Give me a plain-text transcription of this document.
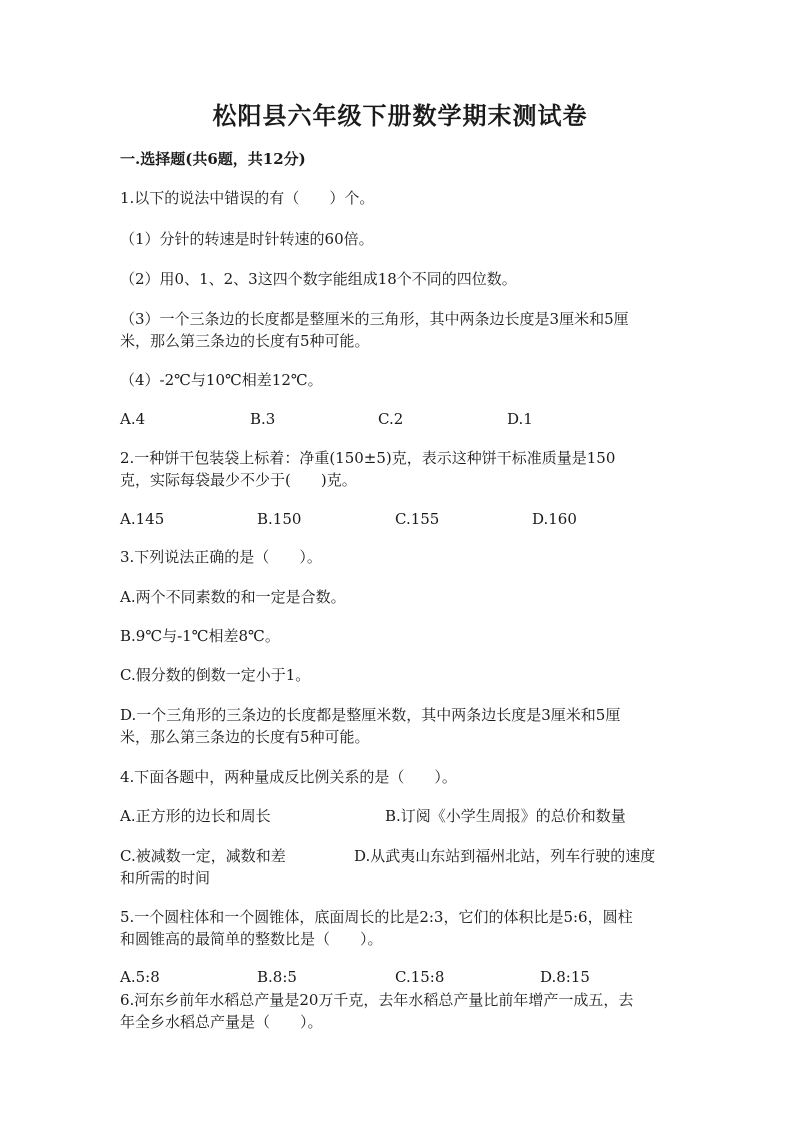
松阳县六年级下册数学期末测试卷
一.选择题(共6题，共12分)
1.以下的说法中错误的有（　　）个。
（1）分针的转速是时针转速的60倍。
（2）用0、1、2、3这四个数字能组成18个不同的四位数。
（3）一个三条边的长度都是整厘米的三角形，其中两条边长度是3厘米和5厘
米，那么第三条边的长度有5种可能。
（4）-2℃与10℃相差12℃。
A.4	B.3	C.2	D.1
2.一种饼干包装袋上标着：净重(150±5)克，表示这种饼干标准质量是150
克，实际每袋最少不少于(　　)克。
A.145	B.150	C.155	D.160
3.下列说法正确的是（　　）。
A.两个不同素数的和一定是合数。
B.9℃与-1℃相差8℃。
C.假分数的倒数一定小于1。
D.一个三角形的三条边的长度都是整厘米数，其中两条边长度是3厘米和5厘
米，那么第三条边的长度有5种可能。
4.下面各题中，两种量成反比例关系的是（　　）。
A.正方形的边长和周长	B.订阅《小学生周报》的总价和数量
C.被减数一定，减数和差	D.从武夷山东站到福州北站，列车行驶的速度
和所需的时间
5.一个圆柱体和一个圆锥体，底面周长的比是2:3，它们的体积比是5:6，圆柱
和圆锥高的最简单的整数比是（　　）。
A.5:8	B.8:5	C.15:8	D.8:15
6.河东乡前年水稻总产量是20万千克，去年水稻总产量比前年增产一成五，去
年全乡水稻总产量是（　　）。
